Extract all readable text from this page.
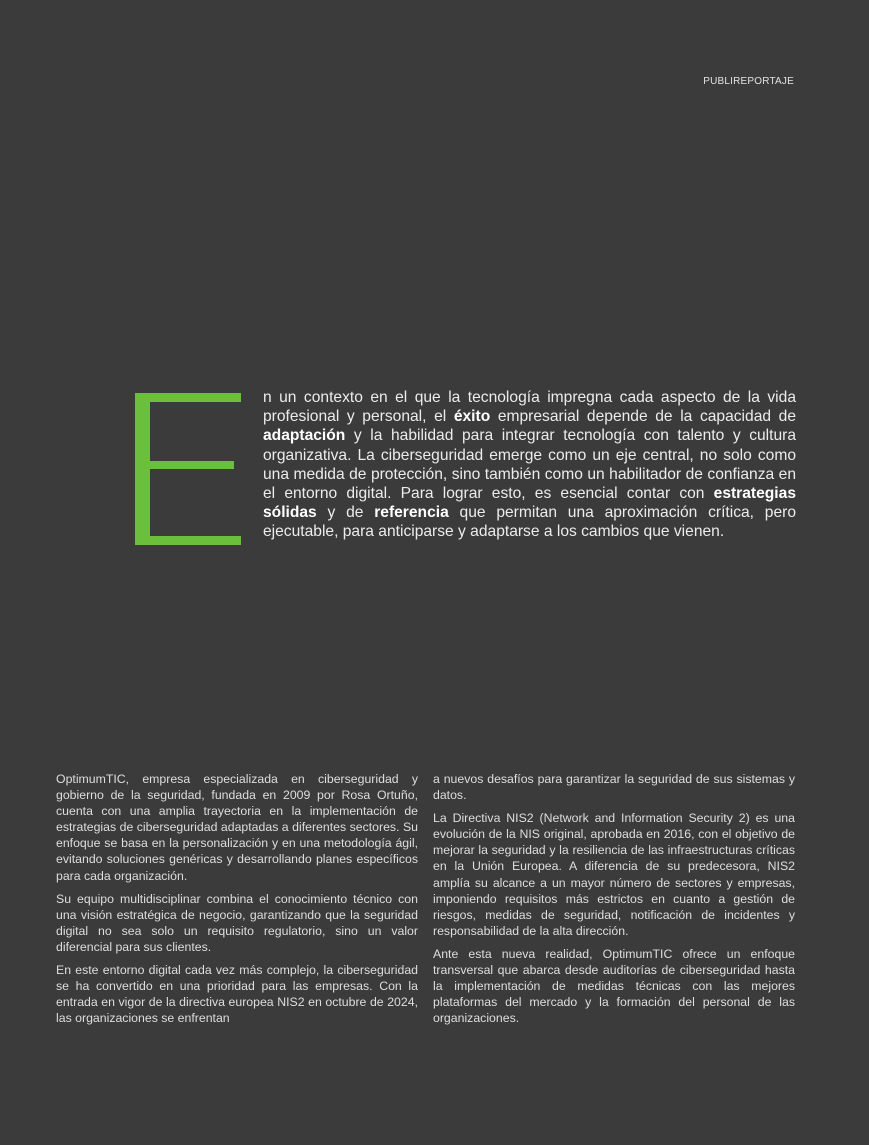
PUBLIREPORTAJE

n un contexto en el que la tecnología impregna cada aspecto de la vida profesional y personal, el éxito empresarial depende de la capacidad de adaptación y la habilidad para integrar tecnología con talento y cultura organizativa. La ciberseguridad emerge como un eje central, no solo como una medida de protección, sino también como un habilitador de confianza en el entorno digital. Para lograr esto, es esencial contar con estrategias sólidas y de referencia que permitan una aproximación crítica, pero ejecutable, para anticiparse y adaptarse a los cambios que vienen.

OptimumTIC, empresa especializada en ciberseguridad y gobierno de la seguridad, fundada en 2009 por Rosa Ortuño, cuenta con una amplia trayectoria en la implementación de estrategias de ciberseguridad adaptadas a diferentes sectores. Su enfoque se basa en la personalización y en una metodología ágil, evitando soluciones genéricas y desarrollando planes específicos para cada organización.

Su equipo multidisciplinar combina el conocimiento técnico con una visión estratégica de negocio, garantizando que la seguridad digital no sea solo un requisito regulatorio, sino un valor diferencial para sus clientes.

En este entorno digital cada vez más complejo, la ciberseguridad se ha convertido en una prioridad para las empresas. Con la entrada en vigor de la directiva europea NIS2 en octubre de 2024, las organizaciones se enfrentan

a nuevos desafíos para garantizar la seguridad de sus sistemas y datos.

La Directiva NIS2 (Network and Information Security 2) es una evolución de la NIS original, aprobada en 2016, con el objetivo de mejorar la seguridad y la resiliencia de las infraestructuras críticas en la Unión Europea. A diferencia de su predecesora, NIS2 amplía su alcance a un mayor número de sectores y empresas, imponiendo requisitos más estrictos en cuanto a gestión de riesgos, medidas de seguridad, notificación de incidentes y responsabilidad de la alta dirección.

Ante esta nueva realidad, OptimumTIC ofrece un enfoque transversal que abarca desde auditorías de ciberseguridad hasta la implementación de medidas técnicas con las mejores plataformas del mercado y la formación del personal de las organizaciones.
